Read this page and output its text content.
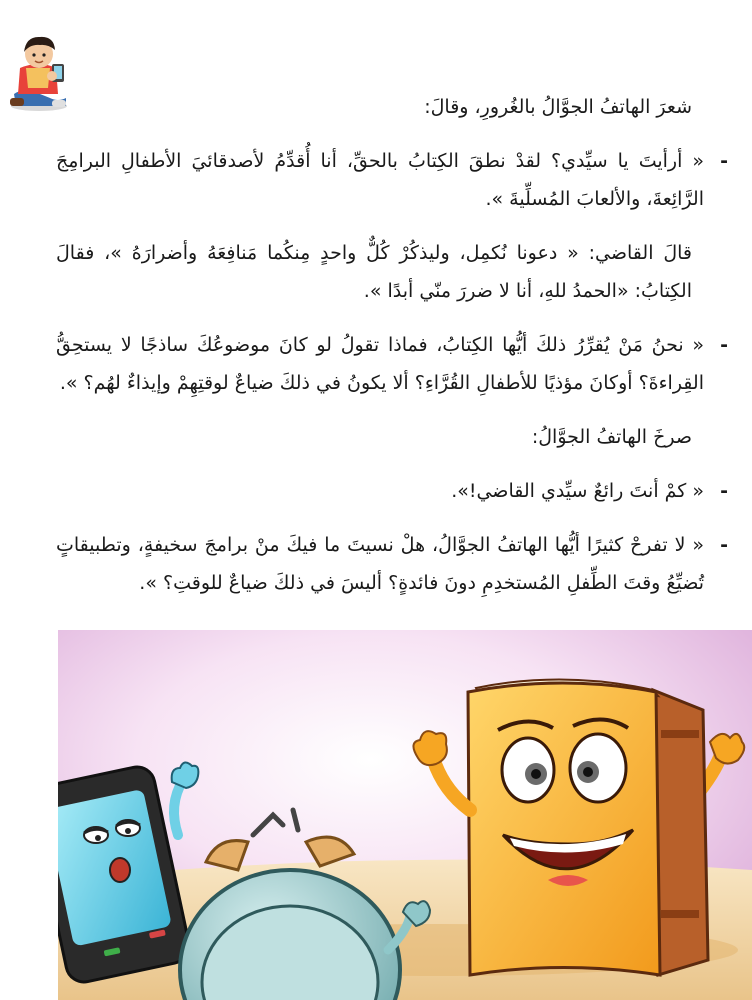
شعرَ الهاتفُ الجوَّالُ بالغُرورِ، وقالَ:

-
« أرأيتَ يا سيِّدي؟ لقدْ نطقَ الكِتابُ بالحقِّ، أنا أُقدِّمُ لأصدقائيَ الأطفالِ البرامِجَ الرَّائِعةَ، والألعابَ المُسلِّيةَ ».

قالَ القاضي: « دعونا نُكمِل، وليذكُرْ كُلٌّ واحدٍ مِنكُما مَنافِعَهُ وأضرارَهُ »، فقالَ الكِتابُ: «الحمدُ للهِ، أنا لا ضررَ منّي أبدًا ».

-
« نحنُ مَنْ يُقرِّرُ ذلكَ أيُّها الكِتابُ، فماذا تقولُ لو كانَ موضوعُكَ ساذجًا لا يستحِقُّ القِراءةَ؟ أوكانَ مؤذيًا للأطفالِ القُرَّاءِ؟ ألا يكونُ في ذلكَ ضياعٌ لوقتِهِمْ وإيذاءٌ لهُم؟ ».

صرخَ الهاتفُ الجوَّالُ:

-
« كمْ أنتَ رائعٌ سيِّدي القاضي!».

-
« لا تفرحْ كثيرًا أيُّها الهاتفُ الجوَّالُ، هلْ نسيتَ ما فيكَ منْ برامجَ سخيفةٍ، وتطبيقاتٍ تُضيِّعُ وقتَ الطِّفلِ المُستخدِمِ دونَ فائدةٍ؟ أليسَ في ذلكَ ضياعٌ للوقتِ؟ ».
